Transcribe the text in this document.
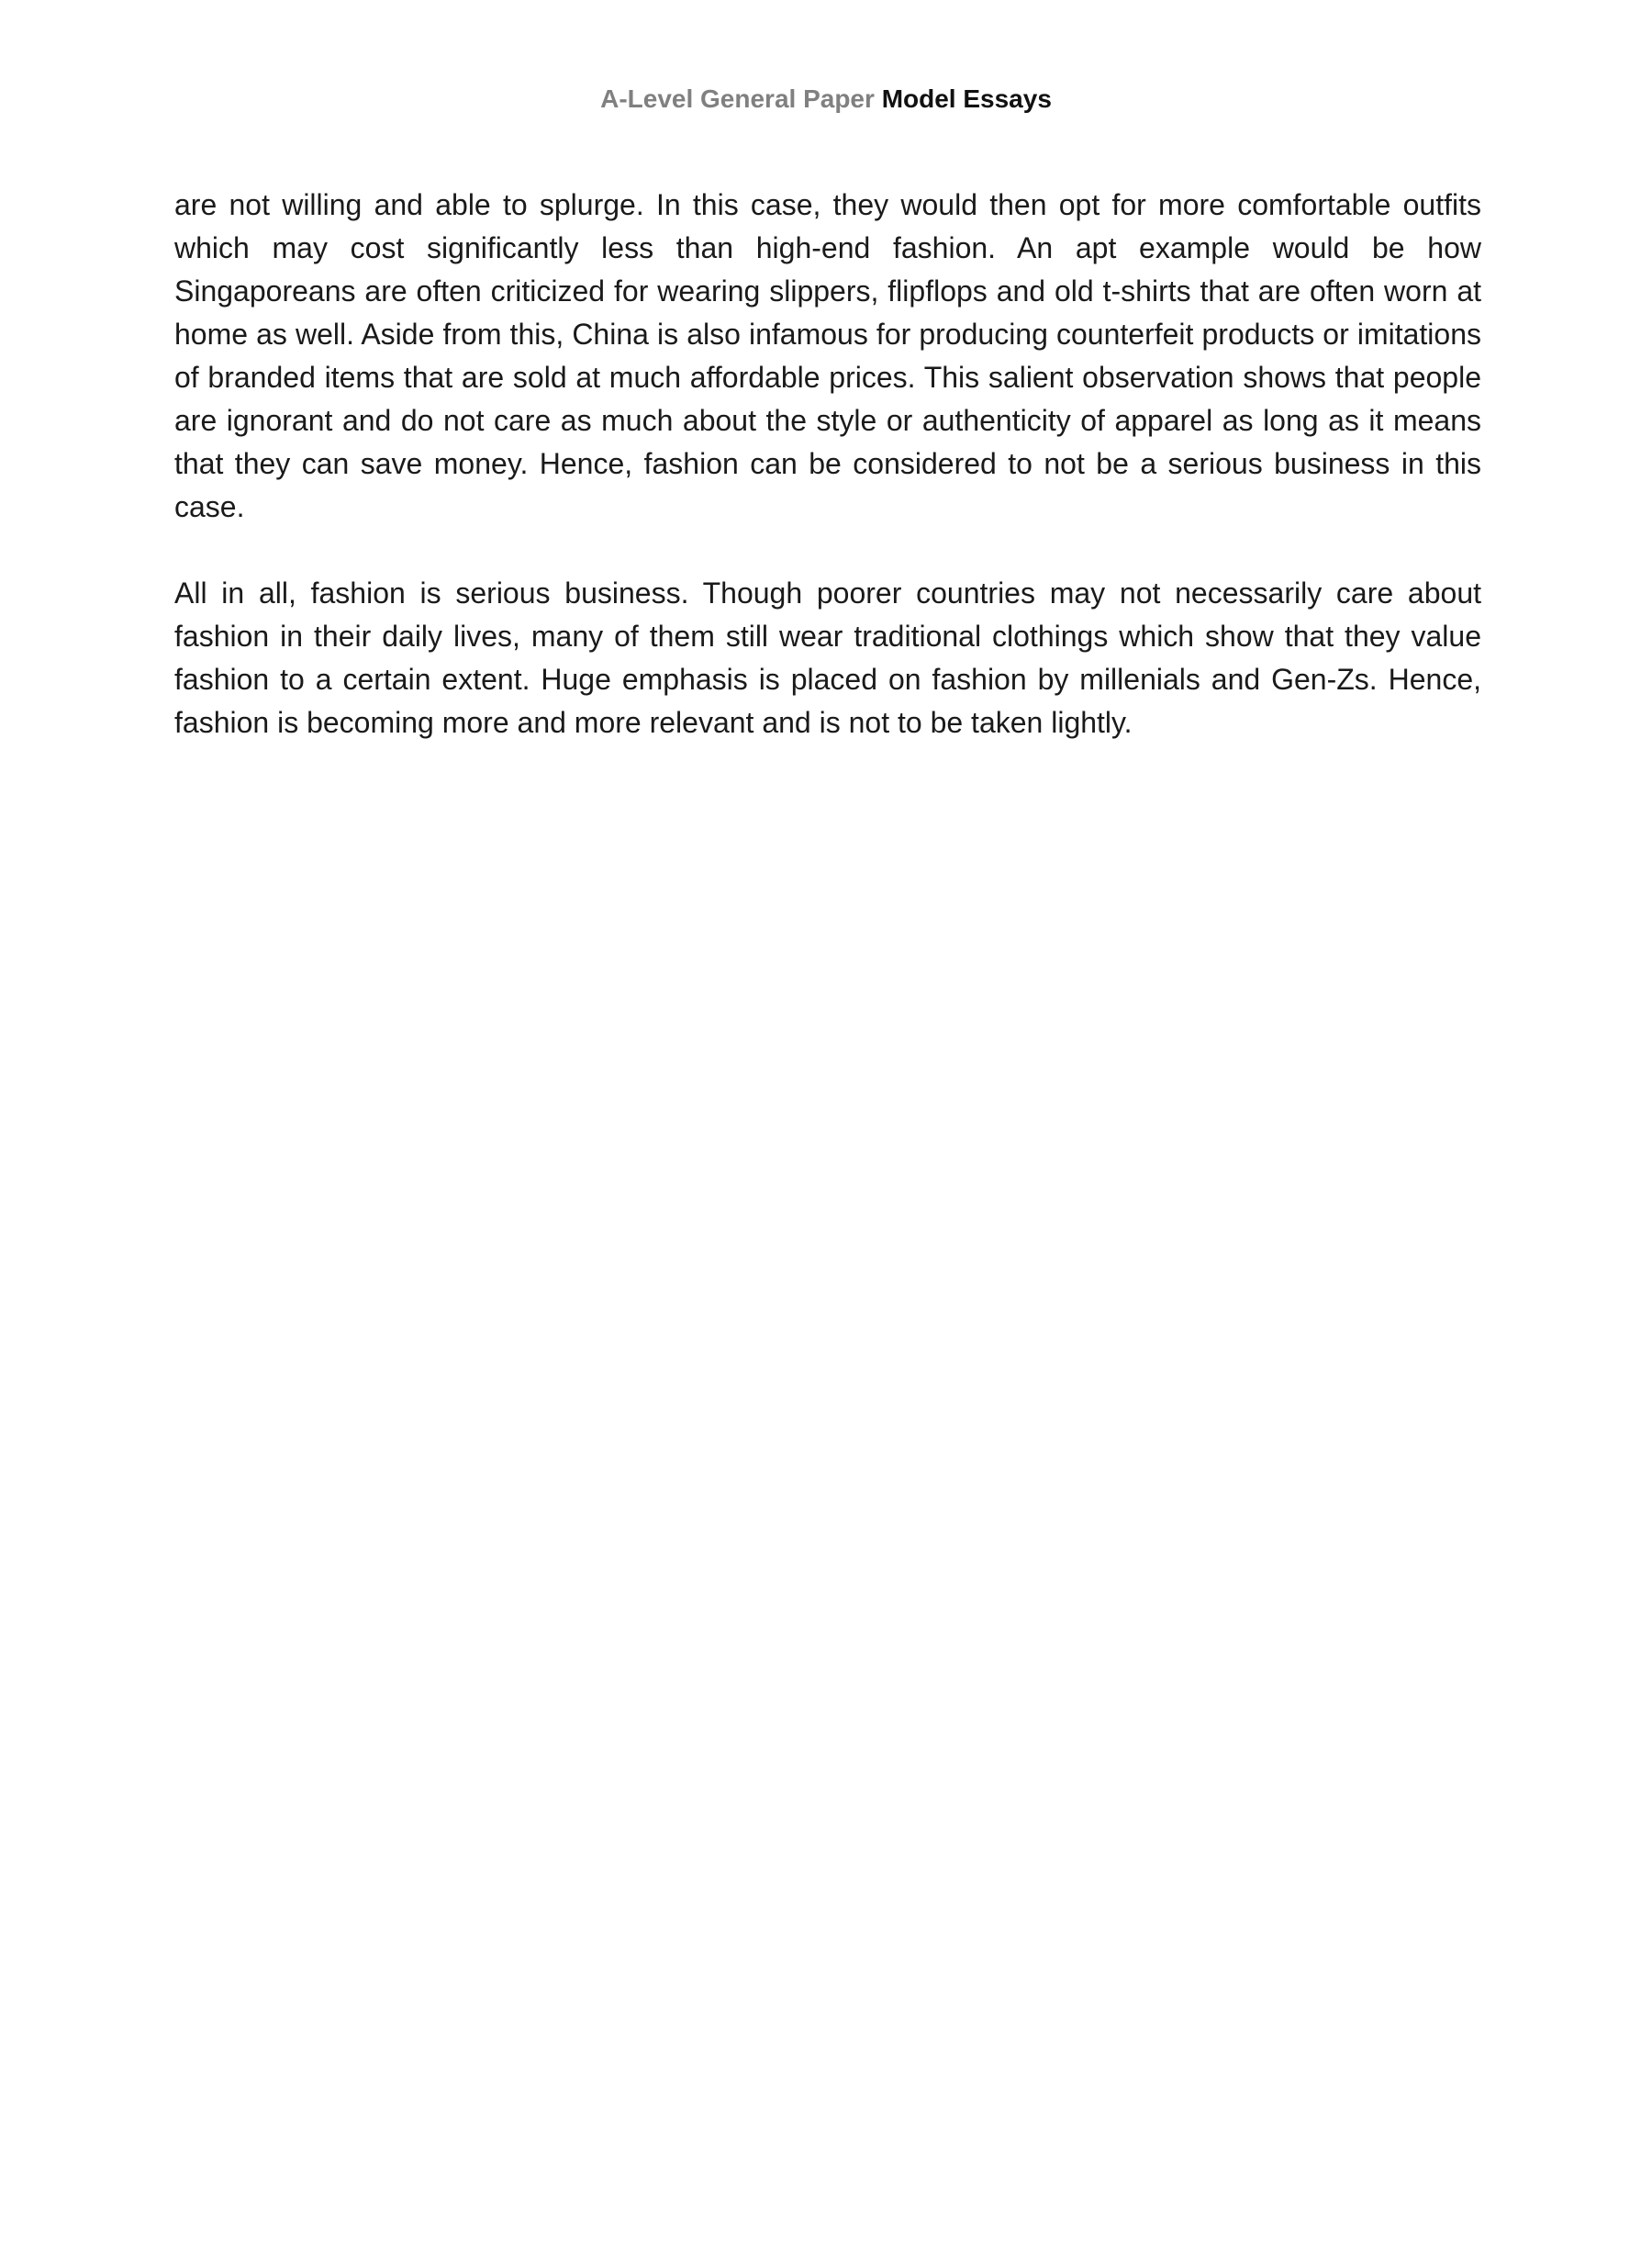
A-Level General Paper Model Essays

are not willing and able to splurge. In this case, they would then opt for more comfortable outfits which may cost significantly less than high-end fashion. An apt example would be how Singaporeans are often criticized for wearing slippers, flipflops and old t-shirts that are often worn at home as well. Aside from this, China is also infamous for producing counterfeit products or imitations of branded items that are sold at much affordable prices. This salient observation shows that people are ignorant and do not care as much about the style or authenticity of apparel as long as it means that they can save money. Hence, fashion can be considered to not be a serious business in this case.

All in all, fashion is serious business. Though poorer countries may not necessarily care about fashion in their daily lives, many of them still wear traditional clothings which show that they value fashion to a certain extent. Huge emphasis is placed on fashion by millenials and Gen-Zs. Hence, fashion is becoming more and more relevant and is not to be taken lightly.
